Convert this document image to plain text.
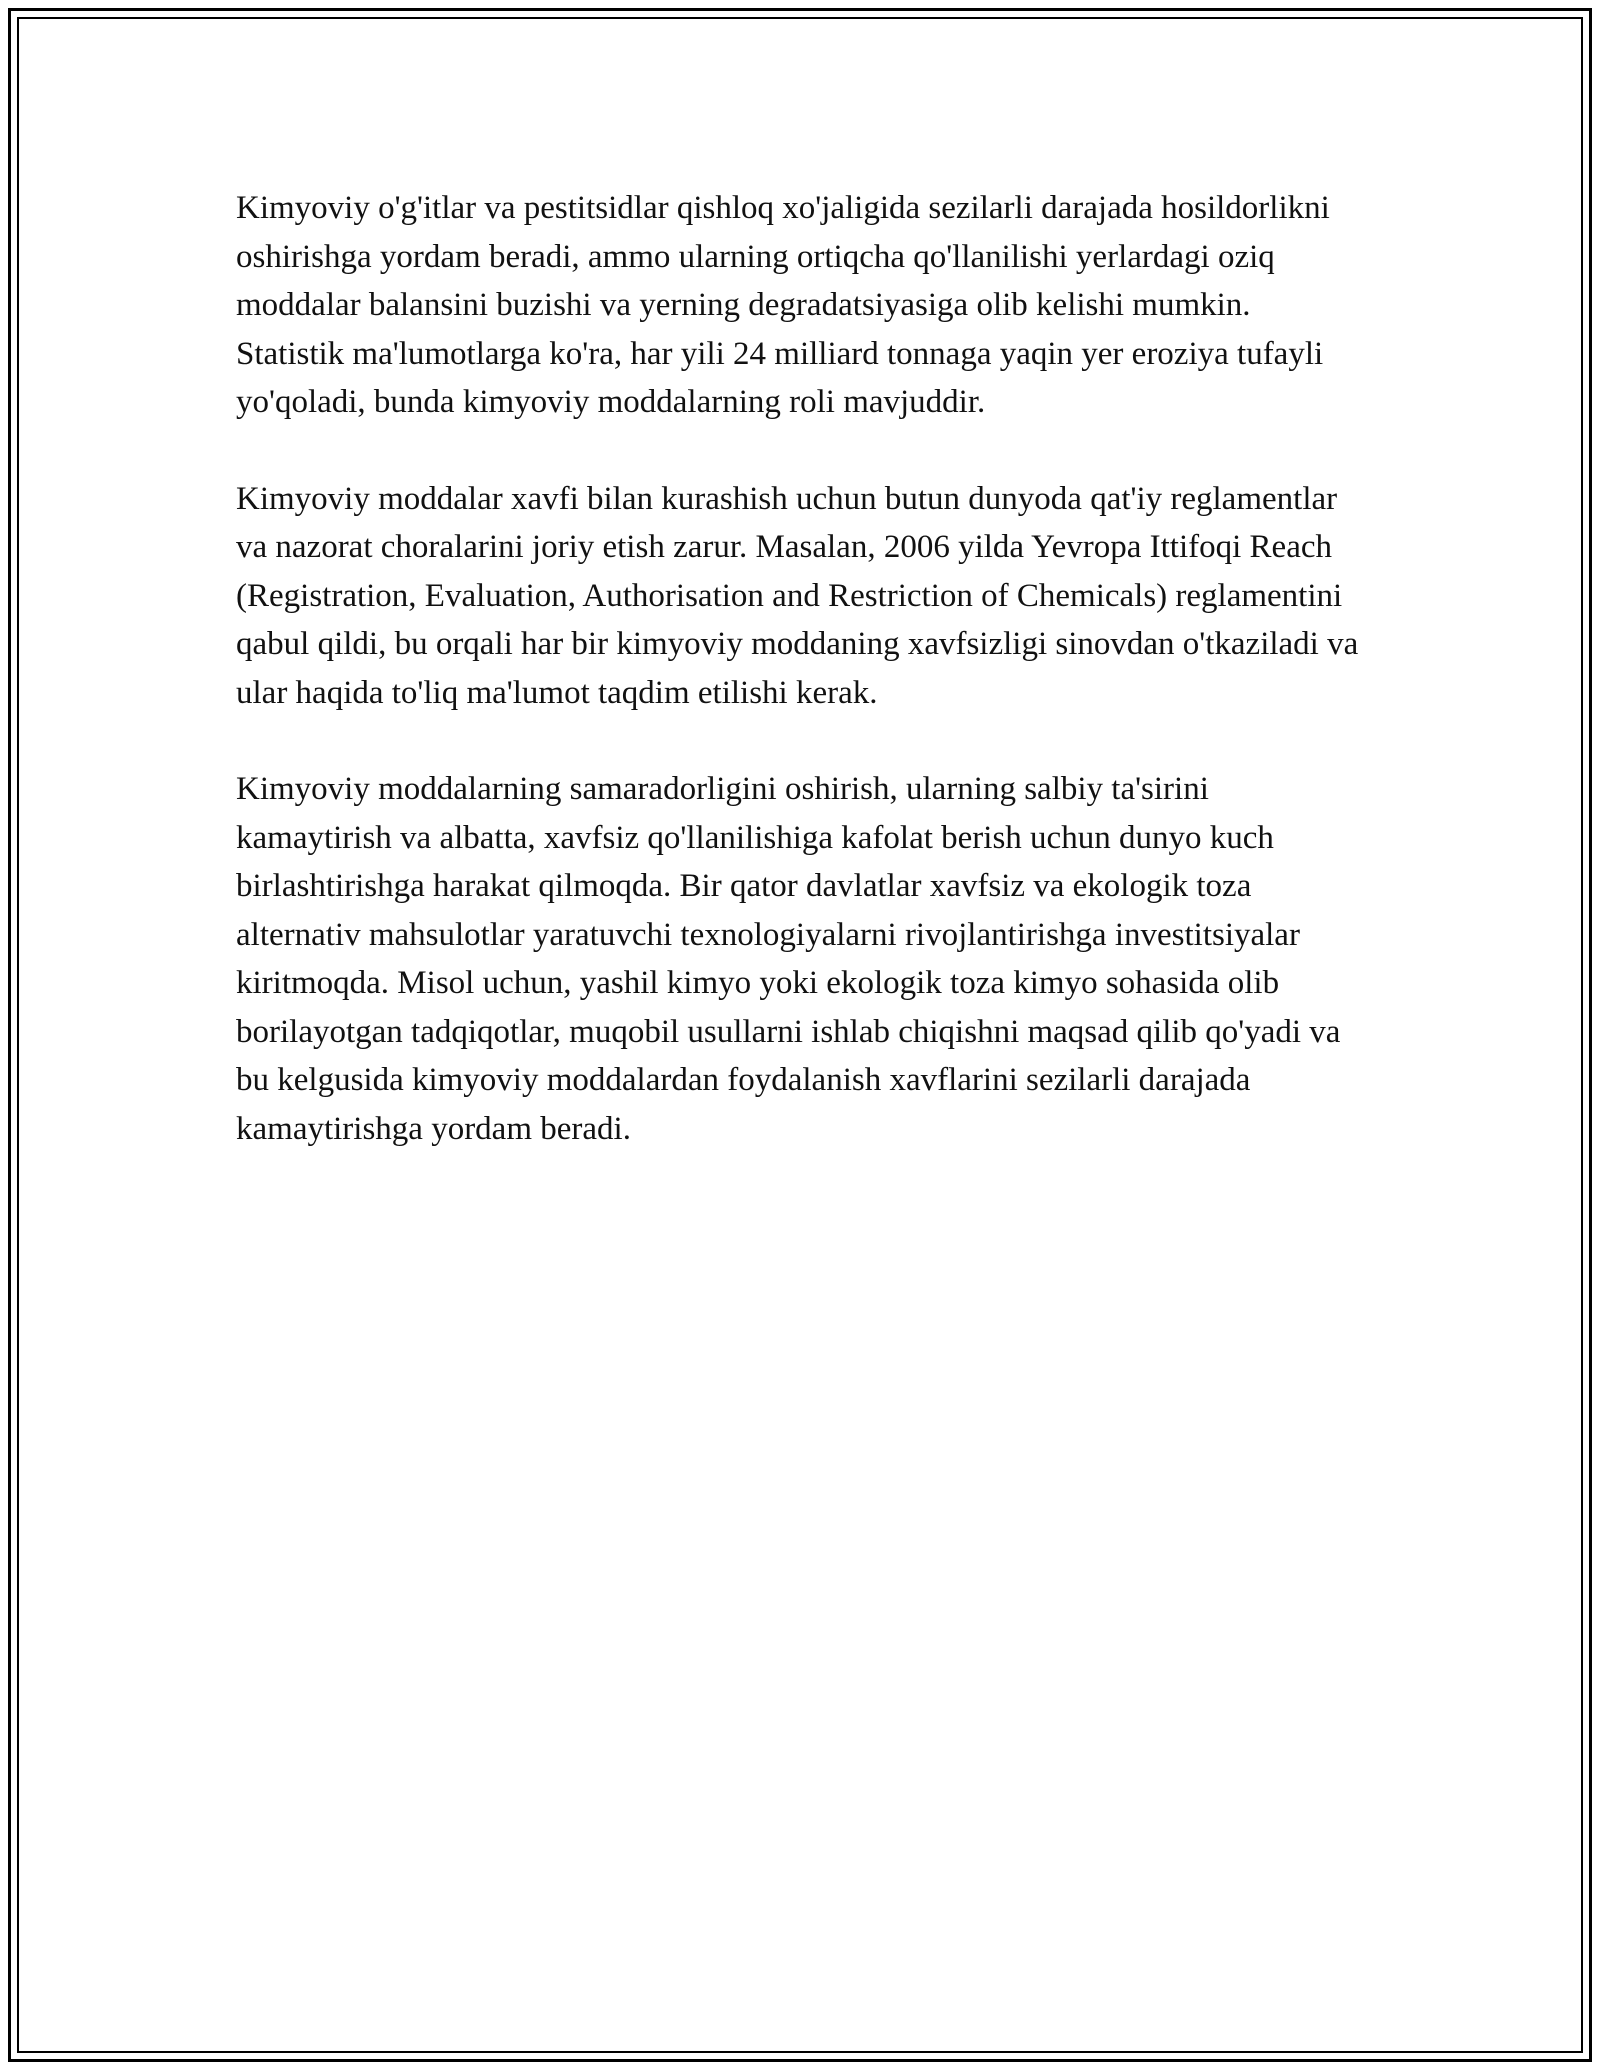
Kimyoviy o'g'itlar va pestitsidlar qishloq xo'jaligida sezilarli darajada hosildorlikni oshirishga yordam beradi, ammo ularning ortiqcha qo'llanilishi yerlardagi oziq moddalar balansini buzishi va yerning degradatsiyasiga olib kelishi mumkin. Statistik ma'lumotlarga ko'ra, har yili 24 milliard tonnaga yaqin yer eroziya tufayli yo'qoladi, bunda kimyoviy moddalarning roli mavjuddir.

Kimyoviy moddalar xavfi bilan kurashish uchun butun dunyoda qat'iy reglamentlar va nazorat choralarini joriy etish zarur. Masalan, 2006 yilda Yevropa Ittifoqi Reach (Registration, Evaluation, Authorisation and Restriction of Chemicals) reglamentini qabul qildi, bu orqali har bir kimyoviy moddaning xavfsizligi sinovdan o'tkaziladi va ular haqida to'liq ma'lumot taqdim etilishi kerak.

Kimyoviy moddalarning samaradorligini oshirish, ularning salbiy ta'sirini kamaytirish va albatta, xavfsiz qo'llanilishiga kafolat berish uchun dunyo kuch birlashtirishga harakat qilmoqda. Bir qator davlatlar xavfsiz va ekologik toza alternativ mahsulotlar yaratuvchi texnologiyalarni rivojlantirishga investitsiyalar kiritmoqda. Misol uchun, yashil kimyo yoki ekologik toza kimyo sohasida olib borilayotgan tadqiqotlar, muqobil usullarni ishlab chiqishni maqsad qilib qo'yadi va bu kelgusida kimyoviy moddalardan foydalanish xavflarini sezilarli darajada kamaytirishga yordam beradi.
